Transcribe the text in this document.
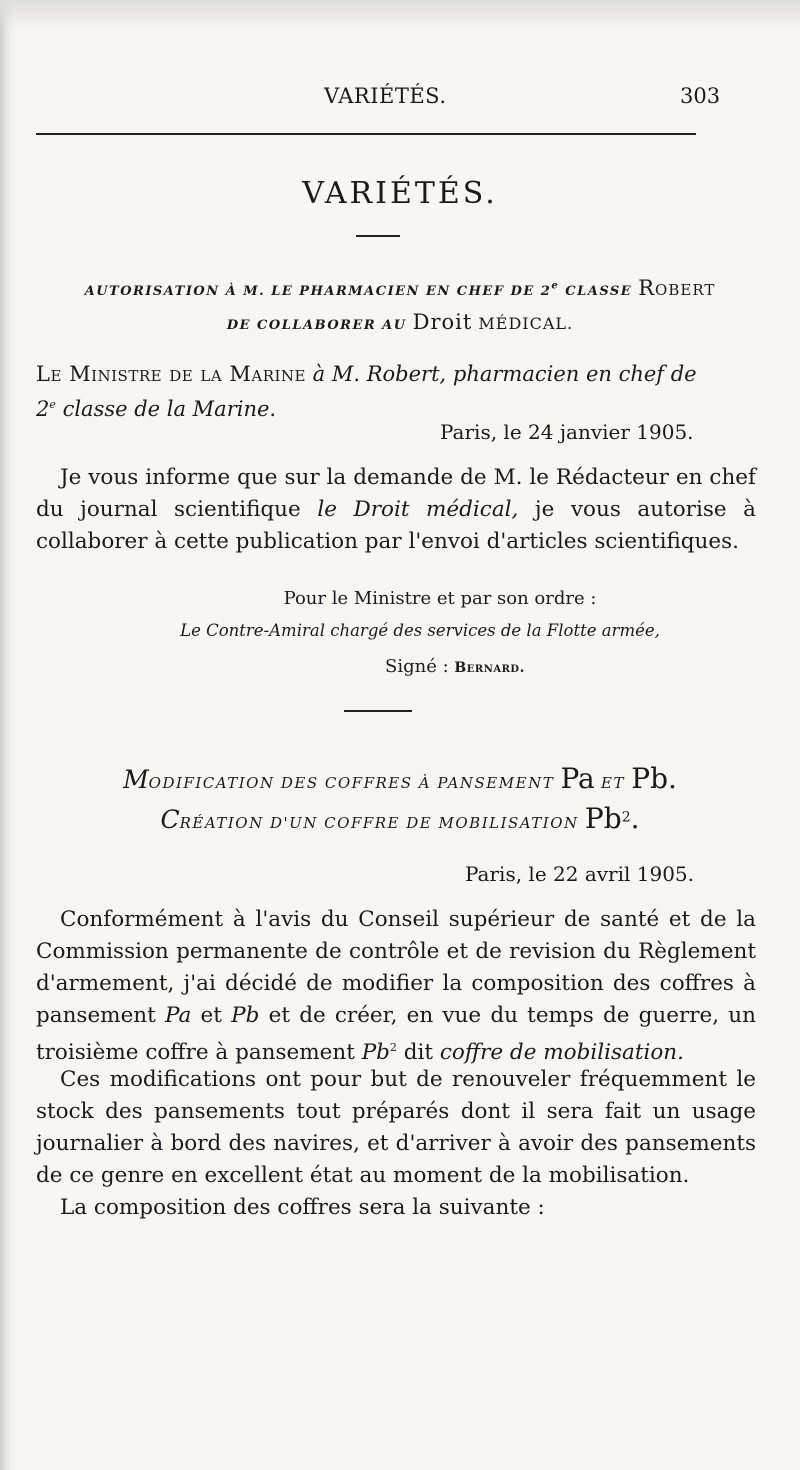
VARIÉTÉS.	303
VARIÉTÉS.
AUTORISATION À M. LE PHARMACIEN EN CHEF DE 2e CLASSE Robert
DE COLLABORER AU Droit MÉDICAL.
Le Ministre de la Marine à M. Robert, pharmacien en chef de
2e classe de la Marine.
Paris, le 24 janvier 1905.
Je vous informe que sur la demande de M. le Rédacteur en chef du journal scientifique le Droit médical, je vous autorise à collaborer à cette publication par l'envoi d'articles scientifiques.
Pour le Ministre et par son ordre :
Le Contre-Amiral chargé des services de la Flotte armée,
Signé : Bernard.
MODIFICATION DES COFFRES À PANSEMENT Pa ET Pb.
CRÉATION D'UN COFFRE DE MOBILISATION Pb$^2$.
Paris, le 22 avril 1905.
Conformément à l'avis du Conseil supérieur de santé et de la Commission permanente de contrôle et de revision du Règlement d'armement, j'ai décidé de modifier la composition des coffres à pansement Pa et Pb et de créer, en vue du temps de guerre, un troisième coffre à pansement Pb$^2$ dit coffre de mobilisation.
Ces modifications ont pour but de renouveler fréquemment le stock des pansements tout préparés dont il sera fait un usage journalier à bord des navires, et d'arriver à avoir des pansements de ce genre en excellent état au moment de la mobilisation.
La composition des coffres sera la suivante :
